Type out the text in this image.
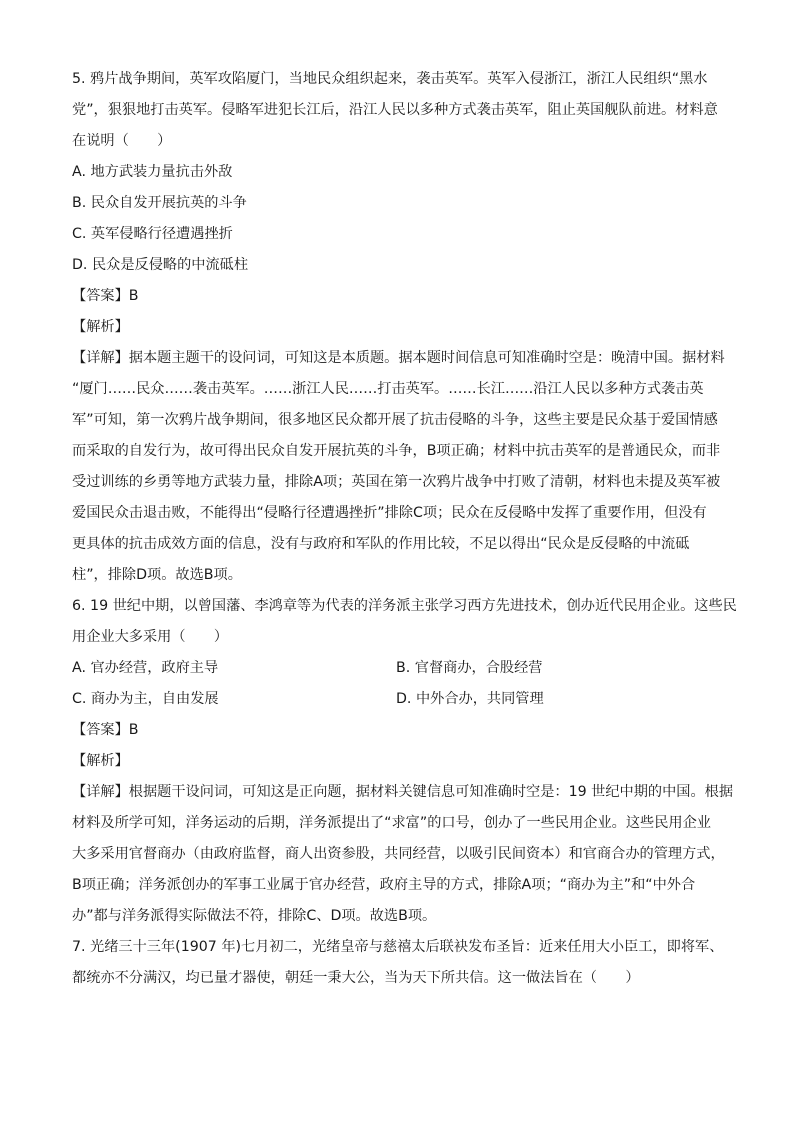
5. 鸦片战争期间，英军攻陷厦门，当地民众组织起来，袭击英军。英军入侵浙江，浙江人民组织“黑水
党”，狠狠地打击英军。侵略军进犯长江后，沿江人民以多种方式袭击英军，阻止英国舰队前进。材料意
在说明（　　）
A. 地方武装力量抗击外敌
B. 民众自发开展抗英的斗争
C. 英军侵略行径遭遇挫折
D. 民众是反侵略的中流砥柱
【答案】B
【解析】
【详解】据本题主题干的设问词，可知这是本质题。据本题时间信息可知准确时空是：晚清中国。据材料
“厦门……民众……袭击英军。……浙江人民……打击英军。……长江……沿江人民以多种方式袭击英
军”可知，第一次鸦片战争期间，很多地区民众都开展了抗击侵略的斗争，这些主要是民众基于爱国情感
而采取的自发行为，故可得出民众自发开展抗英的斗争，B项正确；材料中抗击英军的是普通民众，而非
受过训练的乡勇等地方武装力量，排除A项；英国在第一次鸦片战争中打败了清朝，材料也未提及英军被
爱国民众击退击败，不能得出“侵略行径遭遇挫折”排除C项；民众在反侵略中发挥了重要作用，但没有
更具体的抗击成效方面的信息，没有与政府和军队的作用比较，不足以得出“民众是反侵略的中流砥
柱”，排除D项。故选B项。
6. 19 世纪中期，以曾国藩、李鸿章等为代表的洋务派主张学习西方先进技术，创办近代民用企业。这些民
用企业大多采用（　　）
A. 官办经营，政府主导	B. 官督商办，合股经营
C. 商办为主，自由发展	D. 中外合办，共同管理
【答案】B
【解析】
【详解】根据题干设问词，可知这是正向题，据材料关键信息可知准确时空是：19 世纪中期的中国。根据
材料及所学可知，洋务运动的后期，洋务派提出了“求富”的口号，创办了一些民用企业。这些民用企业
大多采用官督商办（由政府监督，商人出资参股，共同经营，以吸引民间资本）和官商合办的管理方式，
B项正确；洋务派创办的军事工业属于官办经营，政府主导的方式，排除A项；“商办为主”和“中外合
办”都与洋务派得实际做法不符，排除C、D项。故选B项。
7. 光绪三十三年(1907 年)七月初二，光绪皇帝与慈禧太后联袂发布圣旨：近来任用大小臣工，即将军、
都统亦不分满汉，均已量才器使，朝廷一秉大公，当为天下所共信。这一做法旨在（　　）
